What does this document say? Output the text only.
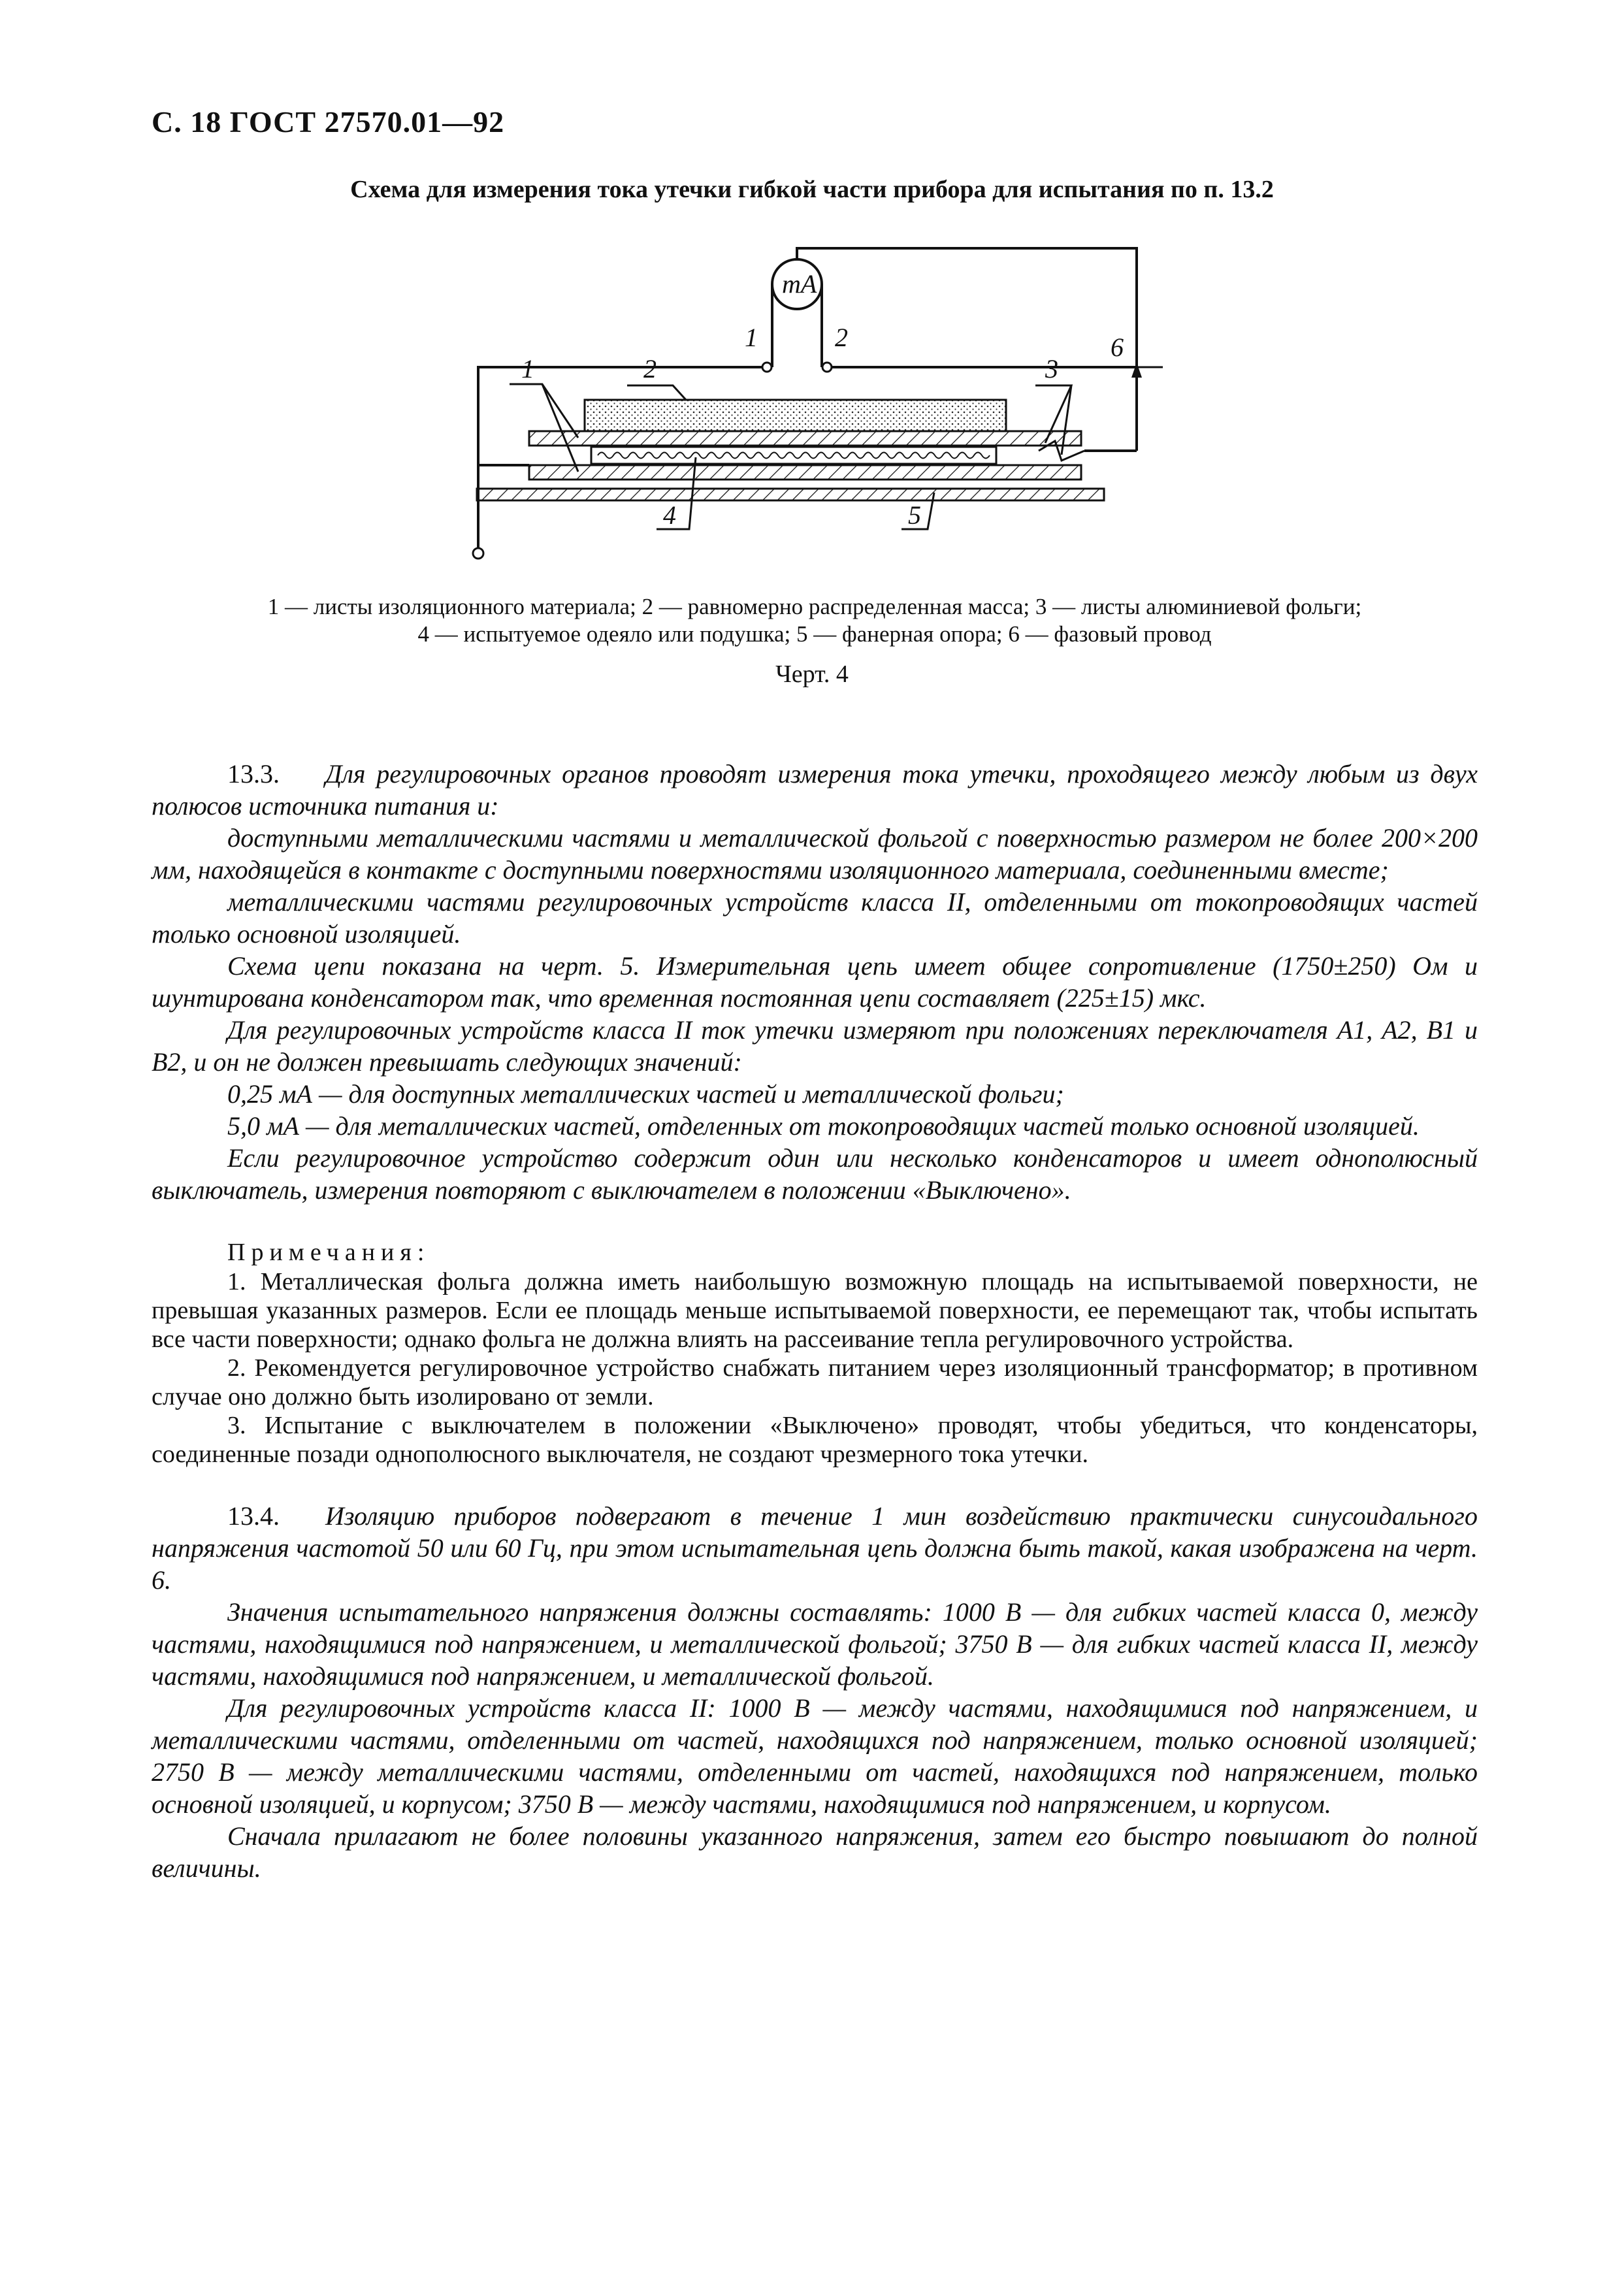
С. 18 ГОСТ 27570.01—92
Схема для измерения тока утечки гибкой части прибора для испытания по п. 13.2
mA
1	2	6
1	2	3
4	5
1 — листы изоляционного материала; 2 — равномерно распределенная масса; 3 — листы алюминиевой фольги;
4 — испытуемое одеяло или подушка; 5 — фанерная опора; 6 — фазовый провод
Черт. 4

13.3. Для регулировочных органов проводят измерения тока утечки, проходящего между любым из двух полюсов источника питания и:

доступными металлическими частями и металлической фольгой с поверхностью размером не более 200×200 мм, находящейся в контакте с доступными поверхностями изоляционного материала, соединенными вместе;

металлическими частями регулировочных устройств класса II, отделенными от токопроводящих частей только основной изоляцией.

Схема цепи показана на черт. 5. Измерительная цепь имеет общее сопротивление (1750±250) Ом и шунтирована конденсатором так, что временная постоянная цепи составляет (225±15) мкс.

Для регулировочных устройств класса II ток утечки измеряют при положениях переключателя А1, А2, В1 и В2, и он не должен превышать следующих значений:

0,25 мА — для доступных металлических частей и металлической фольги;

5,0 мА — для металлических частей, отделенных от токопроводящих частей только основной изоляцией.

Если регулировочное устройство содержит один или несколько конденсаторов и имеет однополюсный выключатель, измерения повторяют с выключателем в положении «Выключено».

Примечания:

1. Металлическая фольга должна иметь наибольшую возможную площадь на испытываемой поверхности, не превышая указанных размеров. Если ее площадь меньше испытываемой поверхности, ее перемещают так, чтобы испытать все части поверхности; однако фольга не должна влиять на рассеивание тепла регулировочного устройства.

2. Рекомендуется регулировочное устройство снабжать питанием через изоляционный трансформатор; в противном случае оно должно быть изолировано от земли.

3. Испытание с выключателем в положении «Выключено» проводят, чтобы убедиться, что конденсаторы, соединенные позади однополюсного выключателя, не создают чрезмерного тока утечки.

13.4. Изоляцию приборов подвергают в течение 1 мин воздействию практически синусоидального напряжения частотой 50 или 60 Гц, при этом испытательная цепь должна быть такой, какая изображена на черт. 6.

Значения испытательного напряжения должны составлять: 1000 В — для гибких частей класса 0, между частями, находящимися под напряжением, и металлической фольгой; 3750 В — для гибких частей класса II, между частями, находящимися под напряжением, и металлической фольгой.

Для регулировочных устройств класса II: 1000 В — между частями, находящимися под напряжением, и металлическими частями, отделенными от частей, находящихся под напряжением, только основной изоляцией; 2750 В — между металлическими частями, отделенными от частей, находящихся под напряжением, только основной изоляцией, и корпусом; 3750 В — между частями, находящимися под напряжением, и корпусом.

Сначала прилагают не более половины указанного напряжения, затем его быстро повышают до полной величины.
